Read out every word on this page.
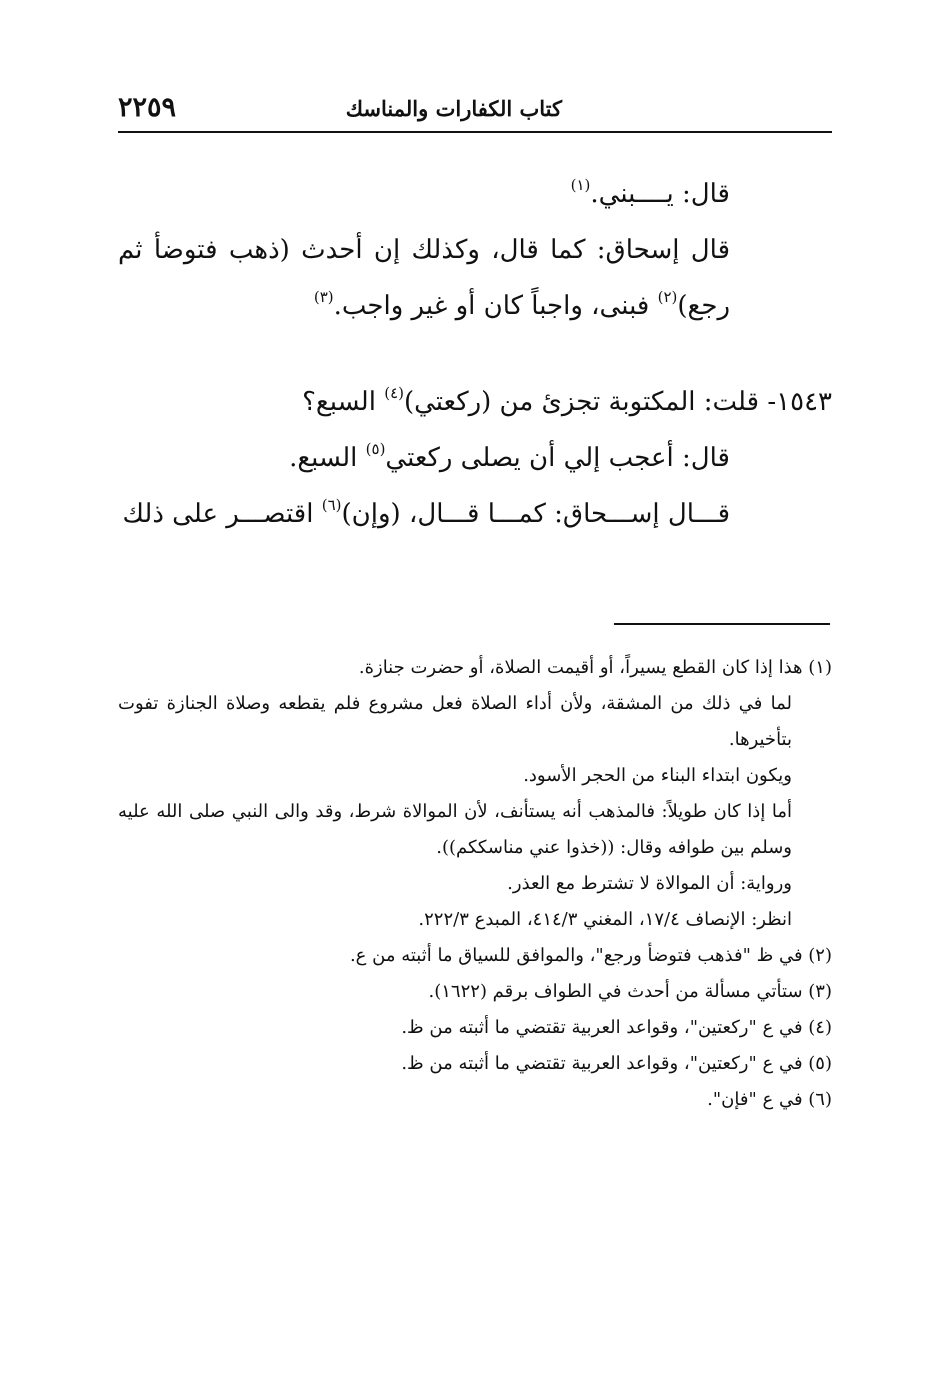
كتاب الكفارات والمناسك
٢٢٥٩

قال: يــــبني.$^{(١)}$

قال إسحاق: كما قال، وكذلك إن أحدث (ذهب فتوضأ ثم رجع)$^{(٢)}$ فبنى، واجباً كان أو غير واجب.$^{(٣)}$

١٥٤٣- قلت: المكتوبة تجزئ من (ركعتي)$^{(٤)}$ السبع؟

قال: أعجب إلي أن يصلى ركعتي$^{(٥)}$ السبع.

قـــال إســـحاق: كمـــا قـــال، (وإن)$^{(٦)}$ اقتصـــر على ذلك

(١) هذا إذا كان القطع يسيراً، أو أقيمت الصلاة، أو حضرت جنازة.

لما في ذلك من المشقة، ولأن أداء الصلاة فعل مشروع فلم يقطعه وصلاة الجنازة تفوت بتأخيرها.

ويكون ابتداء البناء من الحجر الأسود.

أما إذا كان طويلاً: فالمذهب أنه يستأنف، لأن الموالاة شرط، وقد والى النبي صلى الله عليه وسلم بين طوافه وقال: ((خذوا عني مناسككم)).

ورواية: أن الموالاة لا تشترط مع العذر.

انظر: الإنصاف ١٧/٤، المغني ٤١٤/٣، المبدع ٢٢٢/٣.

(٢) في ظ "فذهب فتوضأ ورجع"، والموافق للسياق ما أثبته من ع.

(٣) ستأتي مسألة من أحدث في الطواف برقم (١٦٢٢).

(٤) في ع "ركعتين"، وقواعد العربية تقتضي ما أثبته من ظ.

(٥) في ع "ركعتين"، وقواعد العربية تقتضي ما أثبته من ظ.

(٦) في ع "فإن".
